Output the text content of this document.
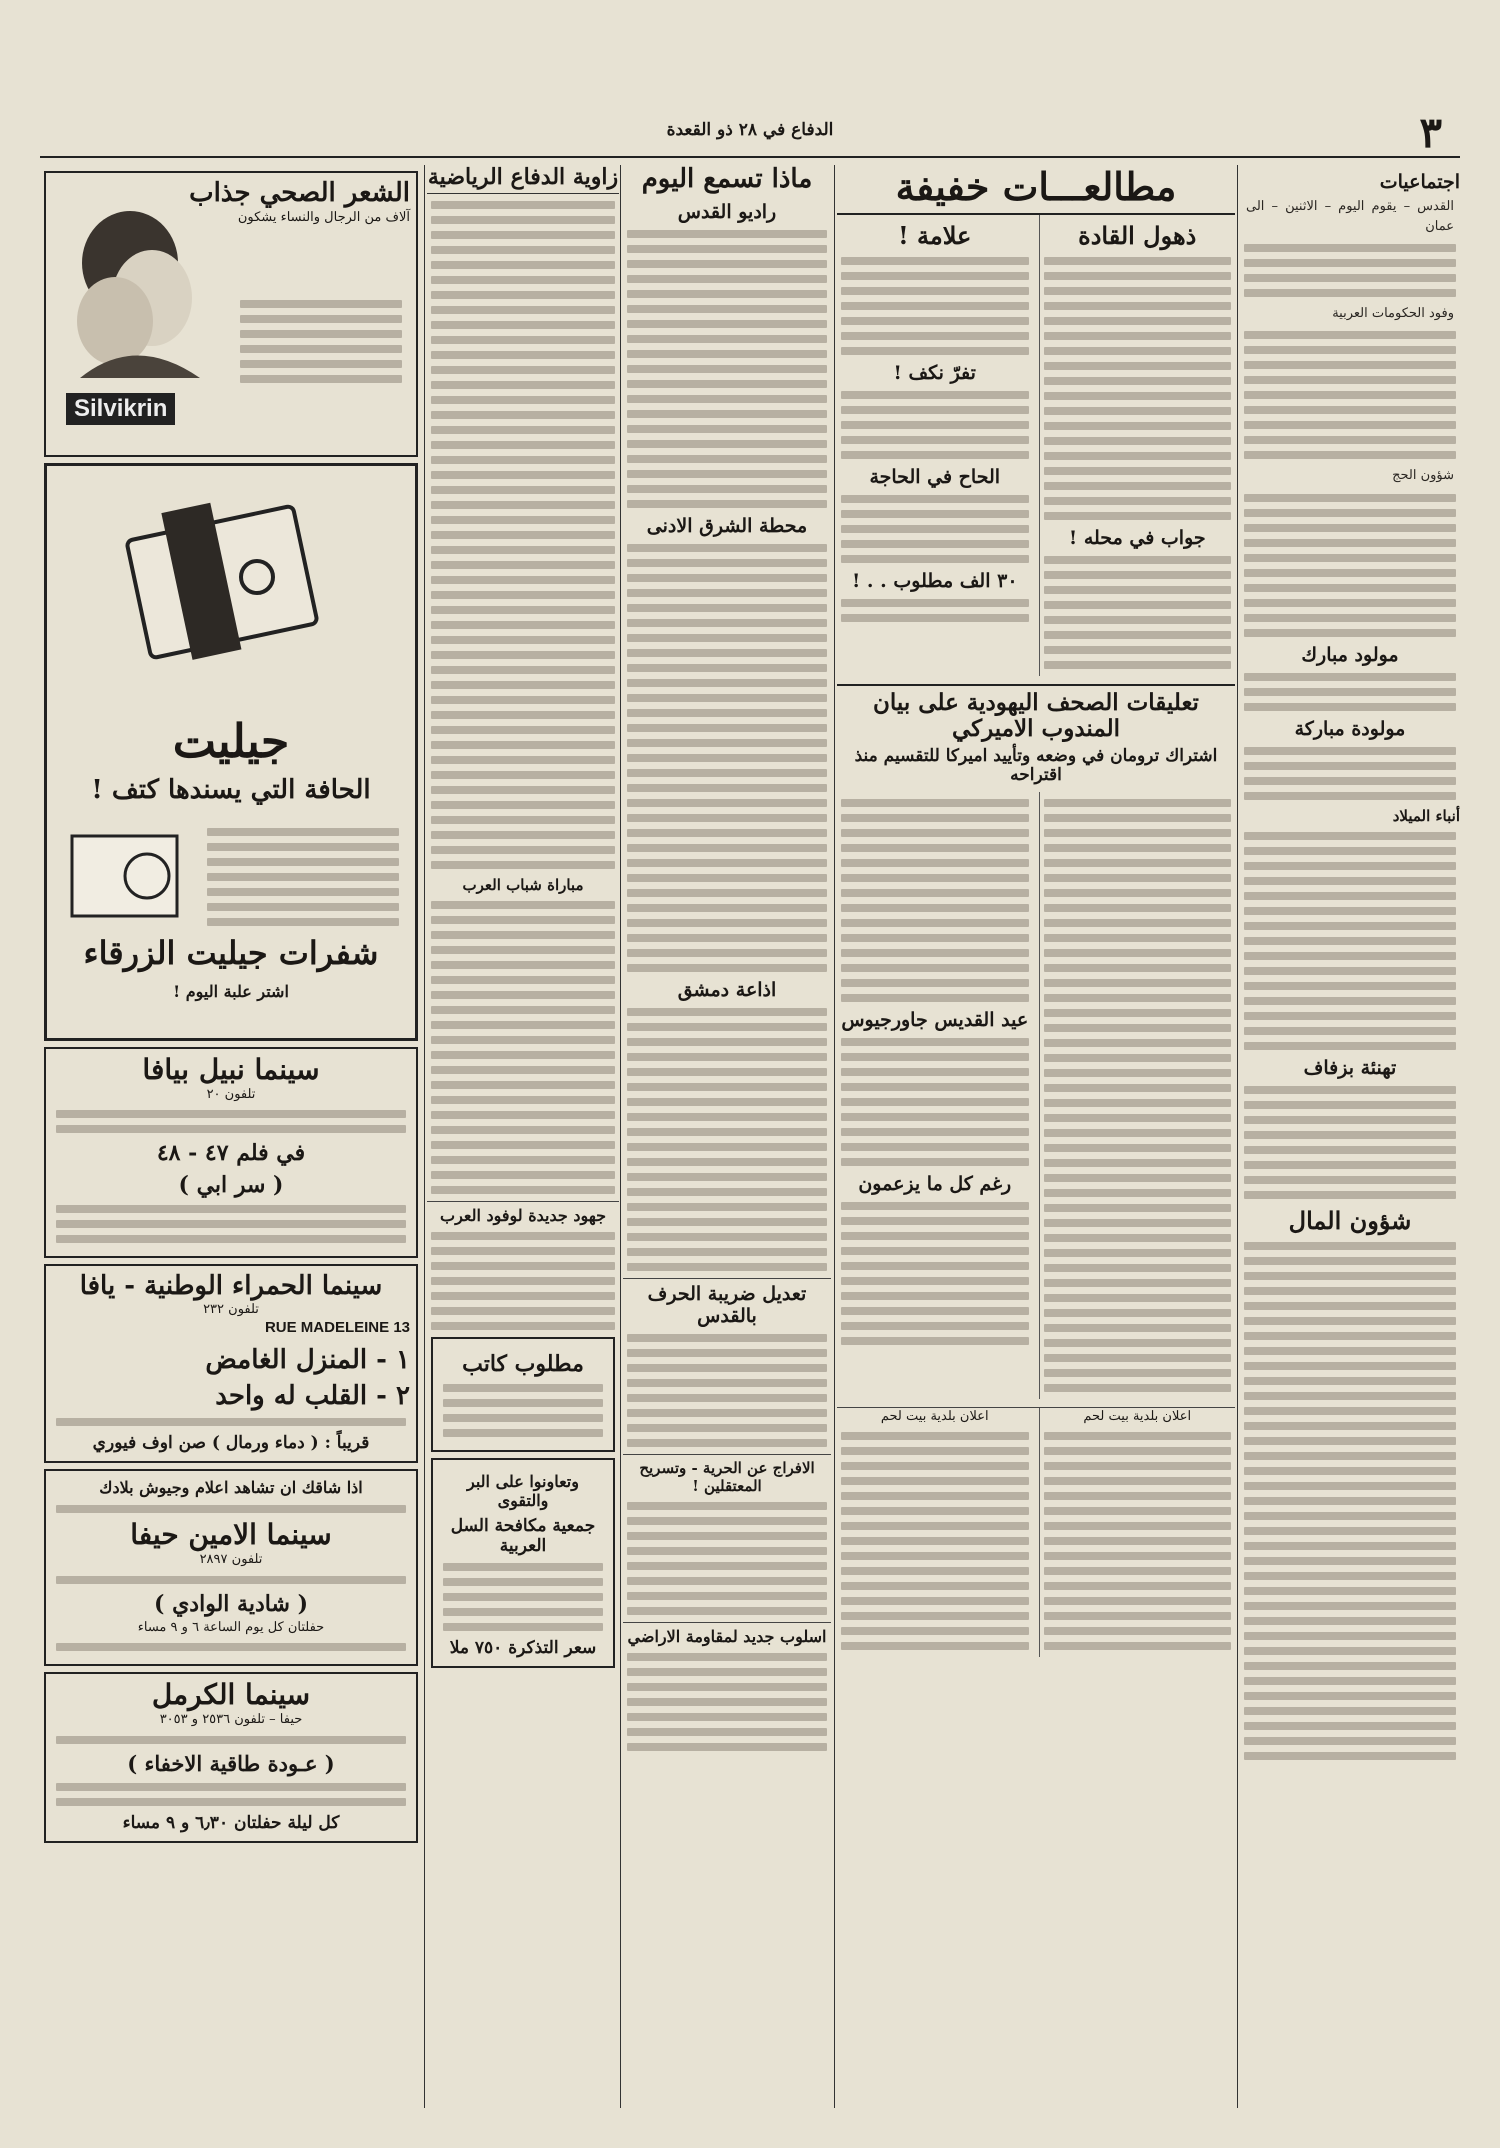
٣
الدفاع في ٢٨ ذو القعدة
اجتماعيات
القدس – يقوم اليوم – الاثنين – الى عمان
وفود الحكومات العربية
شؤون الحج
مولود مبارك
مولودة مباركة
أنباء الميلاد
تهنئة بزفاف
شؤون المال
مطالعـــات خفيفة
ذهول القادة
جواب في محله !
علامة !
تفرّ نكف !
الحاح في الحاجة
٣٠ الف مطلوب . . !
تعليقات الصحف اليهودية على بيان المندوب الاميركي
اشتراك ترومان في وضعه وتأييد اميركا للتقسيم منذ اقتراحه
عيد القديس جاورجيوس
رغم كل ما يزعمون
اعلان بلدية بيت لحم
اعلان بلدية بيت لحم
ماذا تسمع اليوم
راديو القدس
محطة الشرق الادنى
اذاعة دمشق
تعديل ضريبة الحرف بالقدس
الافراج عن الحرية - وتسريح المعتقلين !
اسلوب جديد لمقاومة الاراضي
زاوية الدفاع الرياضية
مباراة شباب العرب
جهود جديدة لوفود العرب
مطلوب كاتب
وتعاونوا على البر والتقوى
جمعية مكافحة السل العربية
سعر التذكرة ٧٥٠ ملا
الشعر الصحي جذاب
آلاف من الرجال والنساء يشكون
Silvikrin
جيليت
الحافة التي يسندها كتف !
شفرات جيليت الزرقاء
اشتر علبة اليوم !
سينما نبيل بيافا
تلفون ٢٠
في فلم ٤٧ - ٤٨
( سر ابي )
سينما الحمراء الوطنية - يافا
تلفون ٢٣٢
13 RUE MADELEINE
١ - المنزل الغامض
٢ - القلب له واحد
قريباً : ( دماء ورمال ) صن اوف فيوري
اذا شاقك ان تشاهد اعلام وجيوش بلادك
سينما الامين حيفا
تلفون ٢٨٩٧
( شادية الوادي )
حفلتان كل يوم الساعة ٦ و ٩ مساء
سينما الكرمل
حيفا – تلفون ٢٥٣٦ و ٣٠٥٣
( عـودة طاقية الاخفاء )
كل ليلة حفلتان ٦٫٣٠ و ٩ مساء
